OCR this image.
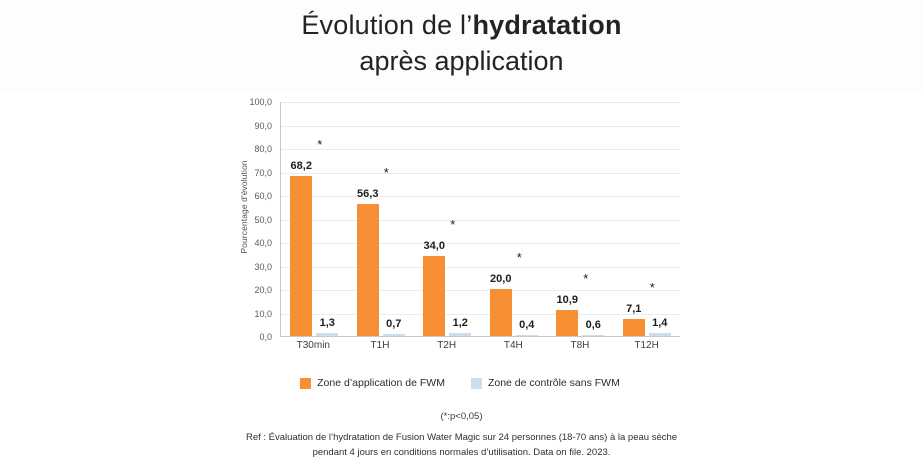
Évolution de l’hydratation
après application
Pourcentage d'évolution
100,0
90,0
80,0
70,0
60,0
50,0
40,0
30,0
20,0
10,0
0,0
68,2
*
1,3
56,3
*
0,7
34,0
*
1,2
20,0
*
0,4
10,9
*
0,6
7,1
*
1,4
T30min	T1H	T2H	T4H	T8H	T12H
Zone d’application de FWM	Zone de contrôle sans FWM
(*:p<0,05)
Ref : Évaluation de l’hydratation de Fusion Water Magic sur 24 personnes (18-70 ans) à la peau sèche
pendant 4 jours en conditions normales d’utilisation. Data on file. 2023.
